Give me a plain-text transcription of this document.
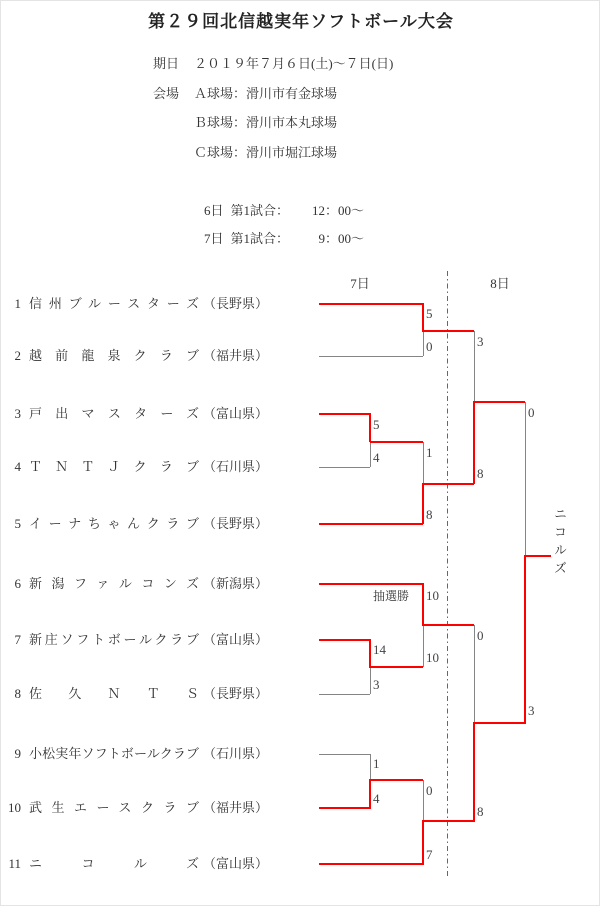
第２９回北信越実年ソフトボール大会
期日	２０１９年７月６日(土)～７日(日)
会場	Ａ球場：滑川市有金球場
Ｂ球場：滑川市本丸球場
Ｃ球場：滑川市堀江球場
6日 第1試合：	12：00～
7日 第1試合：	9：00～
7日	8日
1 信州ブルースターズ （長野県）
2 越前龍泉クラブ （福井県）
3 戸出マスターズ （富山県）
4 ＴＮＴＪクラブ （石川県）
5 イーナちゃんクラブ （長野県）
6 新潟ファルコンズ （新潟県）
7 新庄ソフトボールクラブ （富山県）
8 佐久ＮＴＳ （長野県）
9 小松実年ソフトボールクラブ （石川県）
10 武生エースクラブ （福井県）
11 ニコルズ （富山県）
5
0
5
4	1
8
10
10
14
3
1
4
0
7
3
8
0
8
0
3
抽選勝
ニコルズ
